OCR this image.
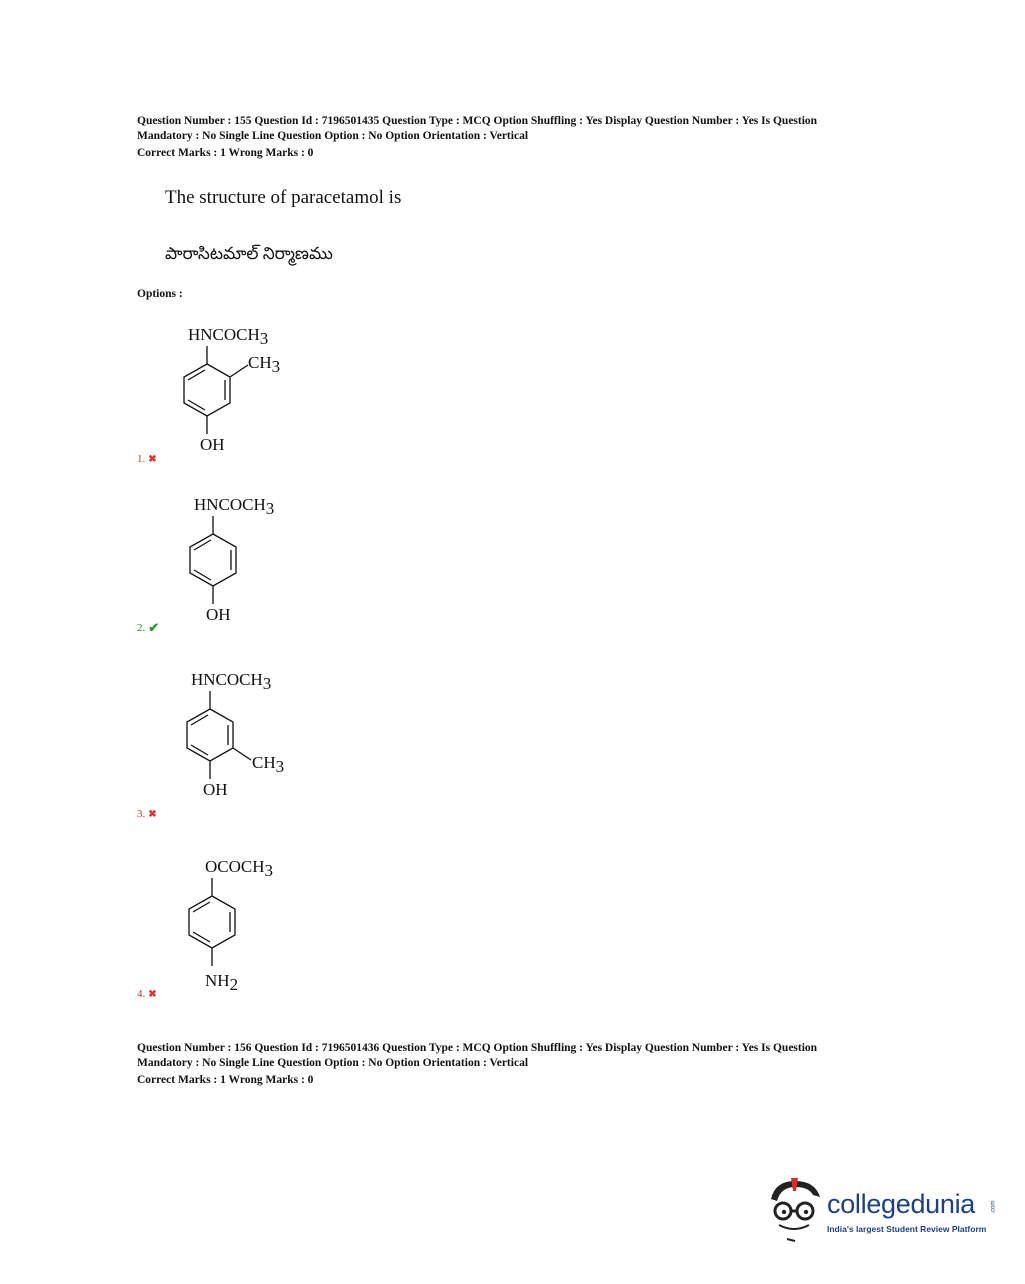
Question Number : 155 Question Id : 7196501435 Question Type : MCQ Option Shuffling : Yes Display Question Number : Yes Is Question
Mandatory : No Single Line Question Option : No Option Orientation : Vertical
Correct Marks : 1 Wrong Marks : 0
The structure of paracetamol is
పారాసిటమాల్ నిర్మాణము
Options :
HNCOCH3
CH3
OH
1. ✖
HNCOCH3
OH
2. ✔
HNCOCH3
CH3
OH
3. ✖
OCOCH3
NH2
4. ✖
Question Number : 156 Question Id : 7196501436 Question Type : MCQ Option Shuffling : Yes Display Question Number : Yes Is Question
Mandatory : No Single Line Question Option : No Option Orientation : Vertical
Correct Marks : 1 Wrong Marks : 0
collegedunia	.com
India's largest Student Review Platform
